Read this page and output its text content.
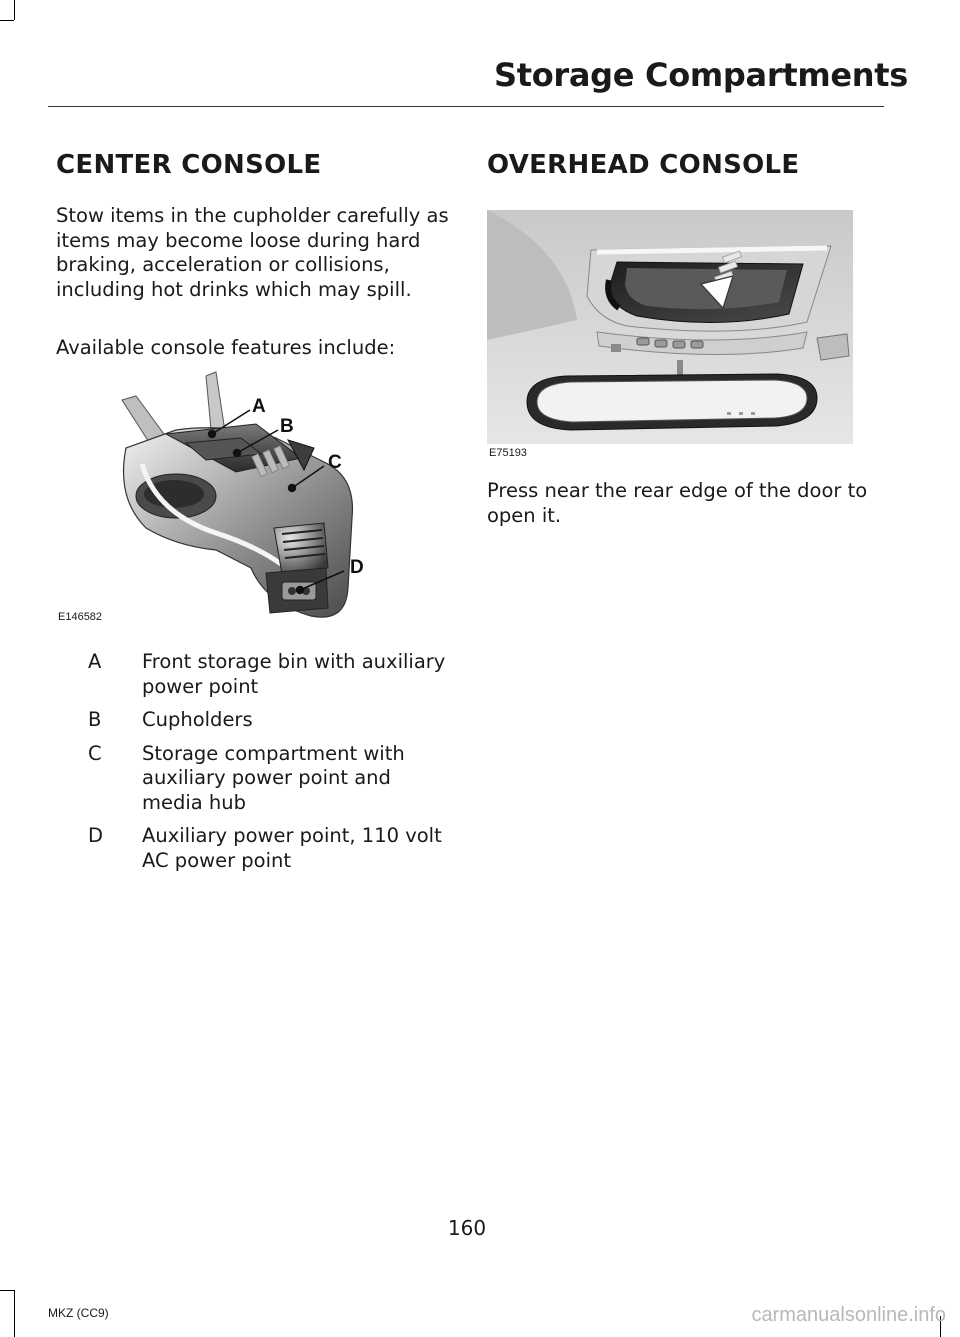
Storage Compartments
CENTER CONSOLE

Stow items in the cupholder carefully as items may become loose during hard braking, acceleration or collisions, including hot drinks which may spill.

Available console features include:

A
B
C
D
E146582
A	Front storage bin with auxiliary power point
B	Cupholders
C	Storage compartment with auxiliary power point and media hub
D	Auxiliary power point, 110 volt AC power point
OVERHEAD CONSOLE
E75193

Press near the rear edge of the door to open it.

160
MKZ (CC9)	carmanualsonline.info
